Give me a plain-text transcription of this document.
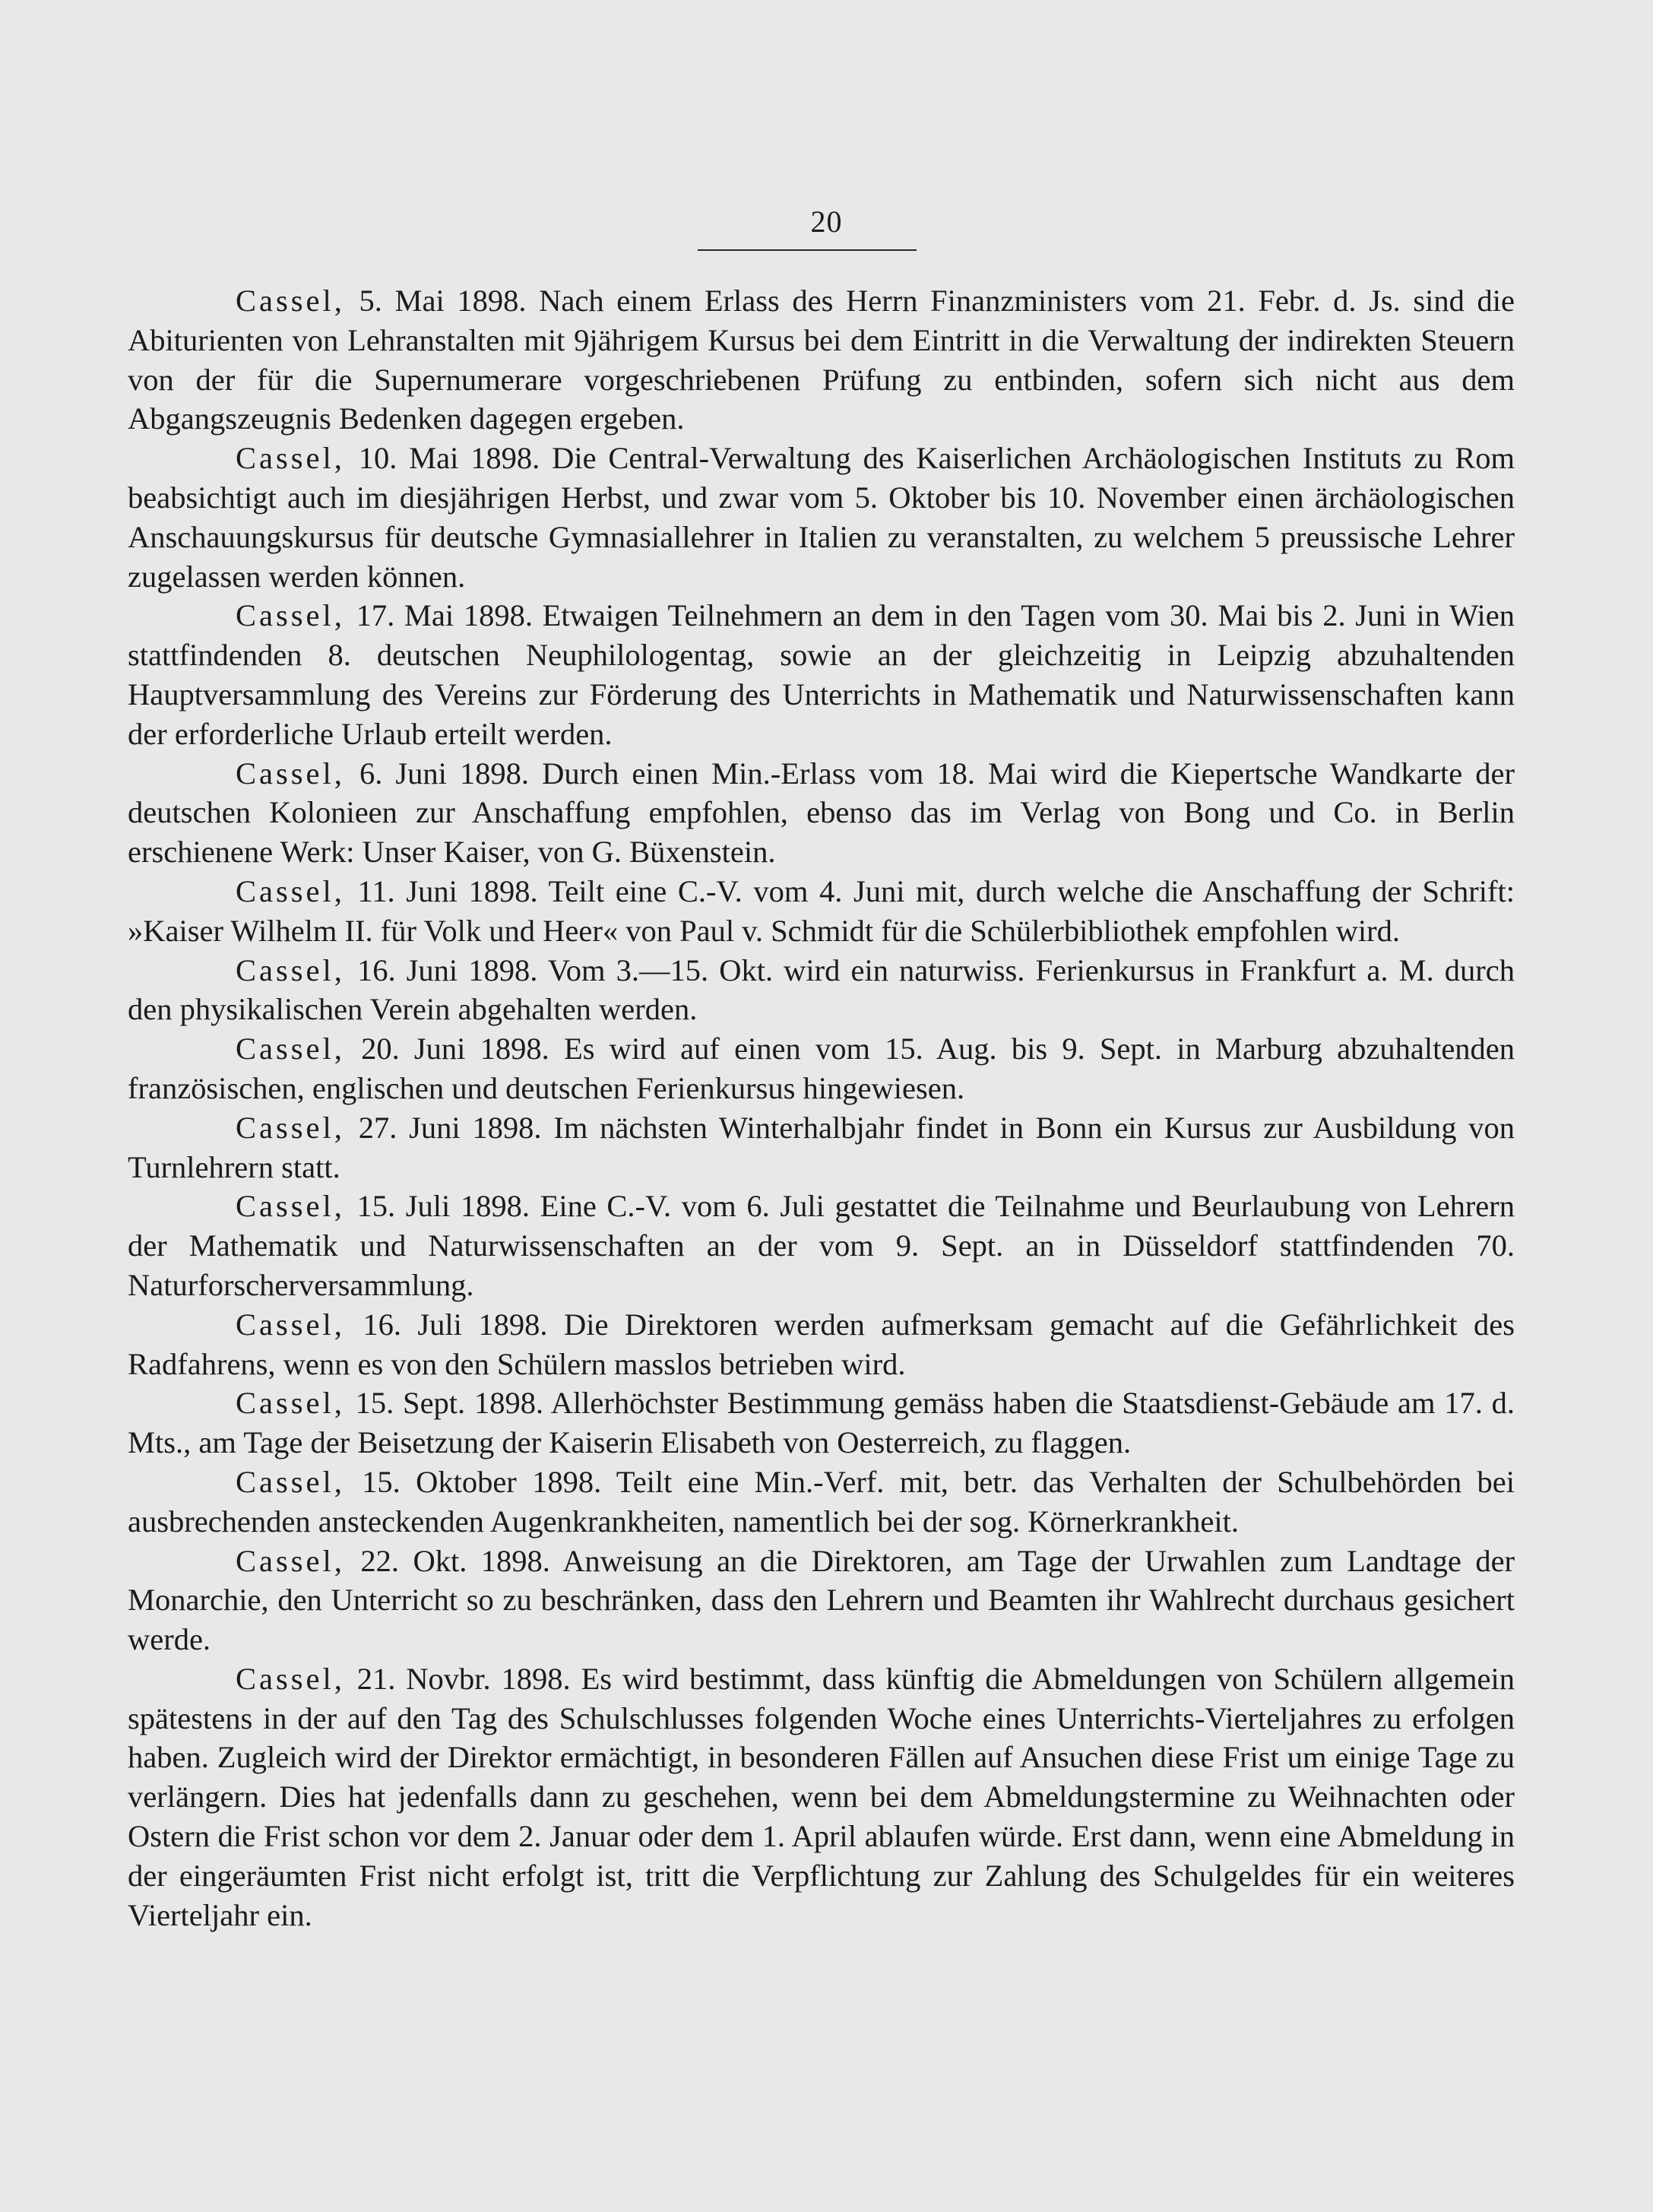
20

Cassel, 5. Mai 1898. Nach einem Erlass des Herrn Finanzministers vom 21. Febr. d. Js. sind die Abiturienten von Lehranstalten mit 9jährigem Kursus bei dem Eintritt in die Verwaltung der indirekten Steuern von der für die Supernumerare vorgeschriebenen Prüfung zu entbinden, sofern sich nicht aus dem Abgangszeugnis Bedenken dagegen ergeben.

Cassel, 10. Mai 1898. Die Central-Verwaltung des Kaiserlichen Archäologischen Instituts zu Rom beabsichtigt auch im diesjährigen Herbst, und zwar vom 5. Oktober bis 10. November einen ärchäologischen Anschauungskursus für deutsche Gymnasiallehrer in Italien zu veranstalten, zu welchem 5 preussische Lehrer zugelassen werden können.

Cassel, 17. Mai 1898. Etwaigen Teilnehmern an dem in den Tagen vom 30. Mai bis 2. Juni in Wien stattfindenden 8. deutschen Neuphilologentag, sowie an der gleichzeitig in Leipzig abzuhaltenden Hauptversammlung des Vereins zur Förderung des Unterrichts in Mathematik und Naturwissenschaften kann der erforderliche Urlaub erteilt werden.

Cassel, 6. Juni 1898. Durch einen Min.-Erlass vom 18. Mai wird die Kiepertsche Wandkarte der deutschen Kolonieen zur Anschaffung empfohlen, ebenso das im Verlag von Bong und Co. in Berlin erschienene Werk: Unser Kaiser, von G. Büxenstein.

Cassel, 11. Juni 1898. Teilt eine C.-V. vom 4. Juni mit, durch welche die Anschaffung der Schrift: »Kaiser Wilhelm II. für Volk und Heer« von Paul v. Schmidt für die Schülerbibliothek empfohlen wird.

Cassel, 16. Juni 1898. Vom 3.—15. Okt. wird ein naturwiss. Ferienkursus in Frankfurt a. M. durch den physikalischen Verein abgehalten werden.

Cassel, 20. Juni 1898. Es wird auf einen vom 15. Aug. bis 9. Sept. in Marburg abzuhaltenden französischen, englischen und deutschen Ferienkursus hingewiesen.

Cassel, 27. Juni 1898. Im nächsten Winterhalbjahr findet in Bonn ein Kursus zur Ausbildung von Turnlehrern statt.

Cassel, 15. Juli 1898. Eine C.-V. vom 6. Juli gestattet die Teilnahme und Beurlaubung von Lehrern der Mathematik und Naturwissenschaften an der vom 9. Sept. an in Düsseldorf stattfindenden 70. Naturforscherversammlung.

Cassel, 16. Juli 1898. Die Direktoren werden aufmerksam gemacht auf die Gefährlichkeit des Radfahrens, wenn es von den Schülern masslos betrieben wird.

Cassel, 15. Sept. 1898. Allerhöchster Bestimmung gemäss haben die Staatsdienst-Gebäude am 17. d. Mts., am Tage der Beisetzung der Kaiserin Elisabeth von Oesterreich, zu flaggen.

Cassel, 15. Oktober 1898. Teilt eine Min.-Verf. mit, betr. das Verhalten der Schulbehörden bei ausbrechenden ansteckenden Augenkrankheiten, namentlich bei der sog. Körnerkrankheit.

Cassel, 22. Okt. 1898. Anweisung an die Direktoren, am Tage der Urwahlen zum Landtage der Monarchie, den Unterricht so zu beschränken, dass den Lehrern und Beamten ihr Wahlrecht durchaus gesichert werde.

Cassel, 21. Novbr. 1898. Es wird bestimmt, dass künftig die Abmeldungen von Schülern allgemein spätestens in der auf den Tag des Schulschlusses folgenden Woche eines Unterrichts-Vierteljahres zu erfolgen haben. Zugleich wird der Direktor ermächtigt, in besonderen Fällen auf Ansuchen diese Frist um einige Tage zu verlängern. Dies hat jedenfalls dann zu geschehen, wenn bei dem Abmeldungstermine zu Weihnachten oder Ostern die Frist schon vor dem 2. Januar oder dem 1. April ablaufen würde. Erst dann, wenn eine Abmeldung in der eingeräumten Frist nicht erfolgt ist, tritt die Verpflichtung zur Zahlung des Schulgeldes für ein weiteres Vierteljahr ein.
